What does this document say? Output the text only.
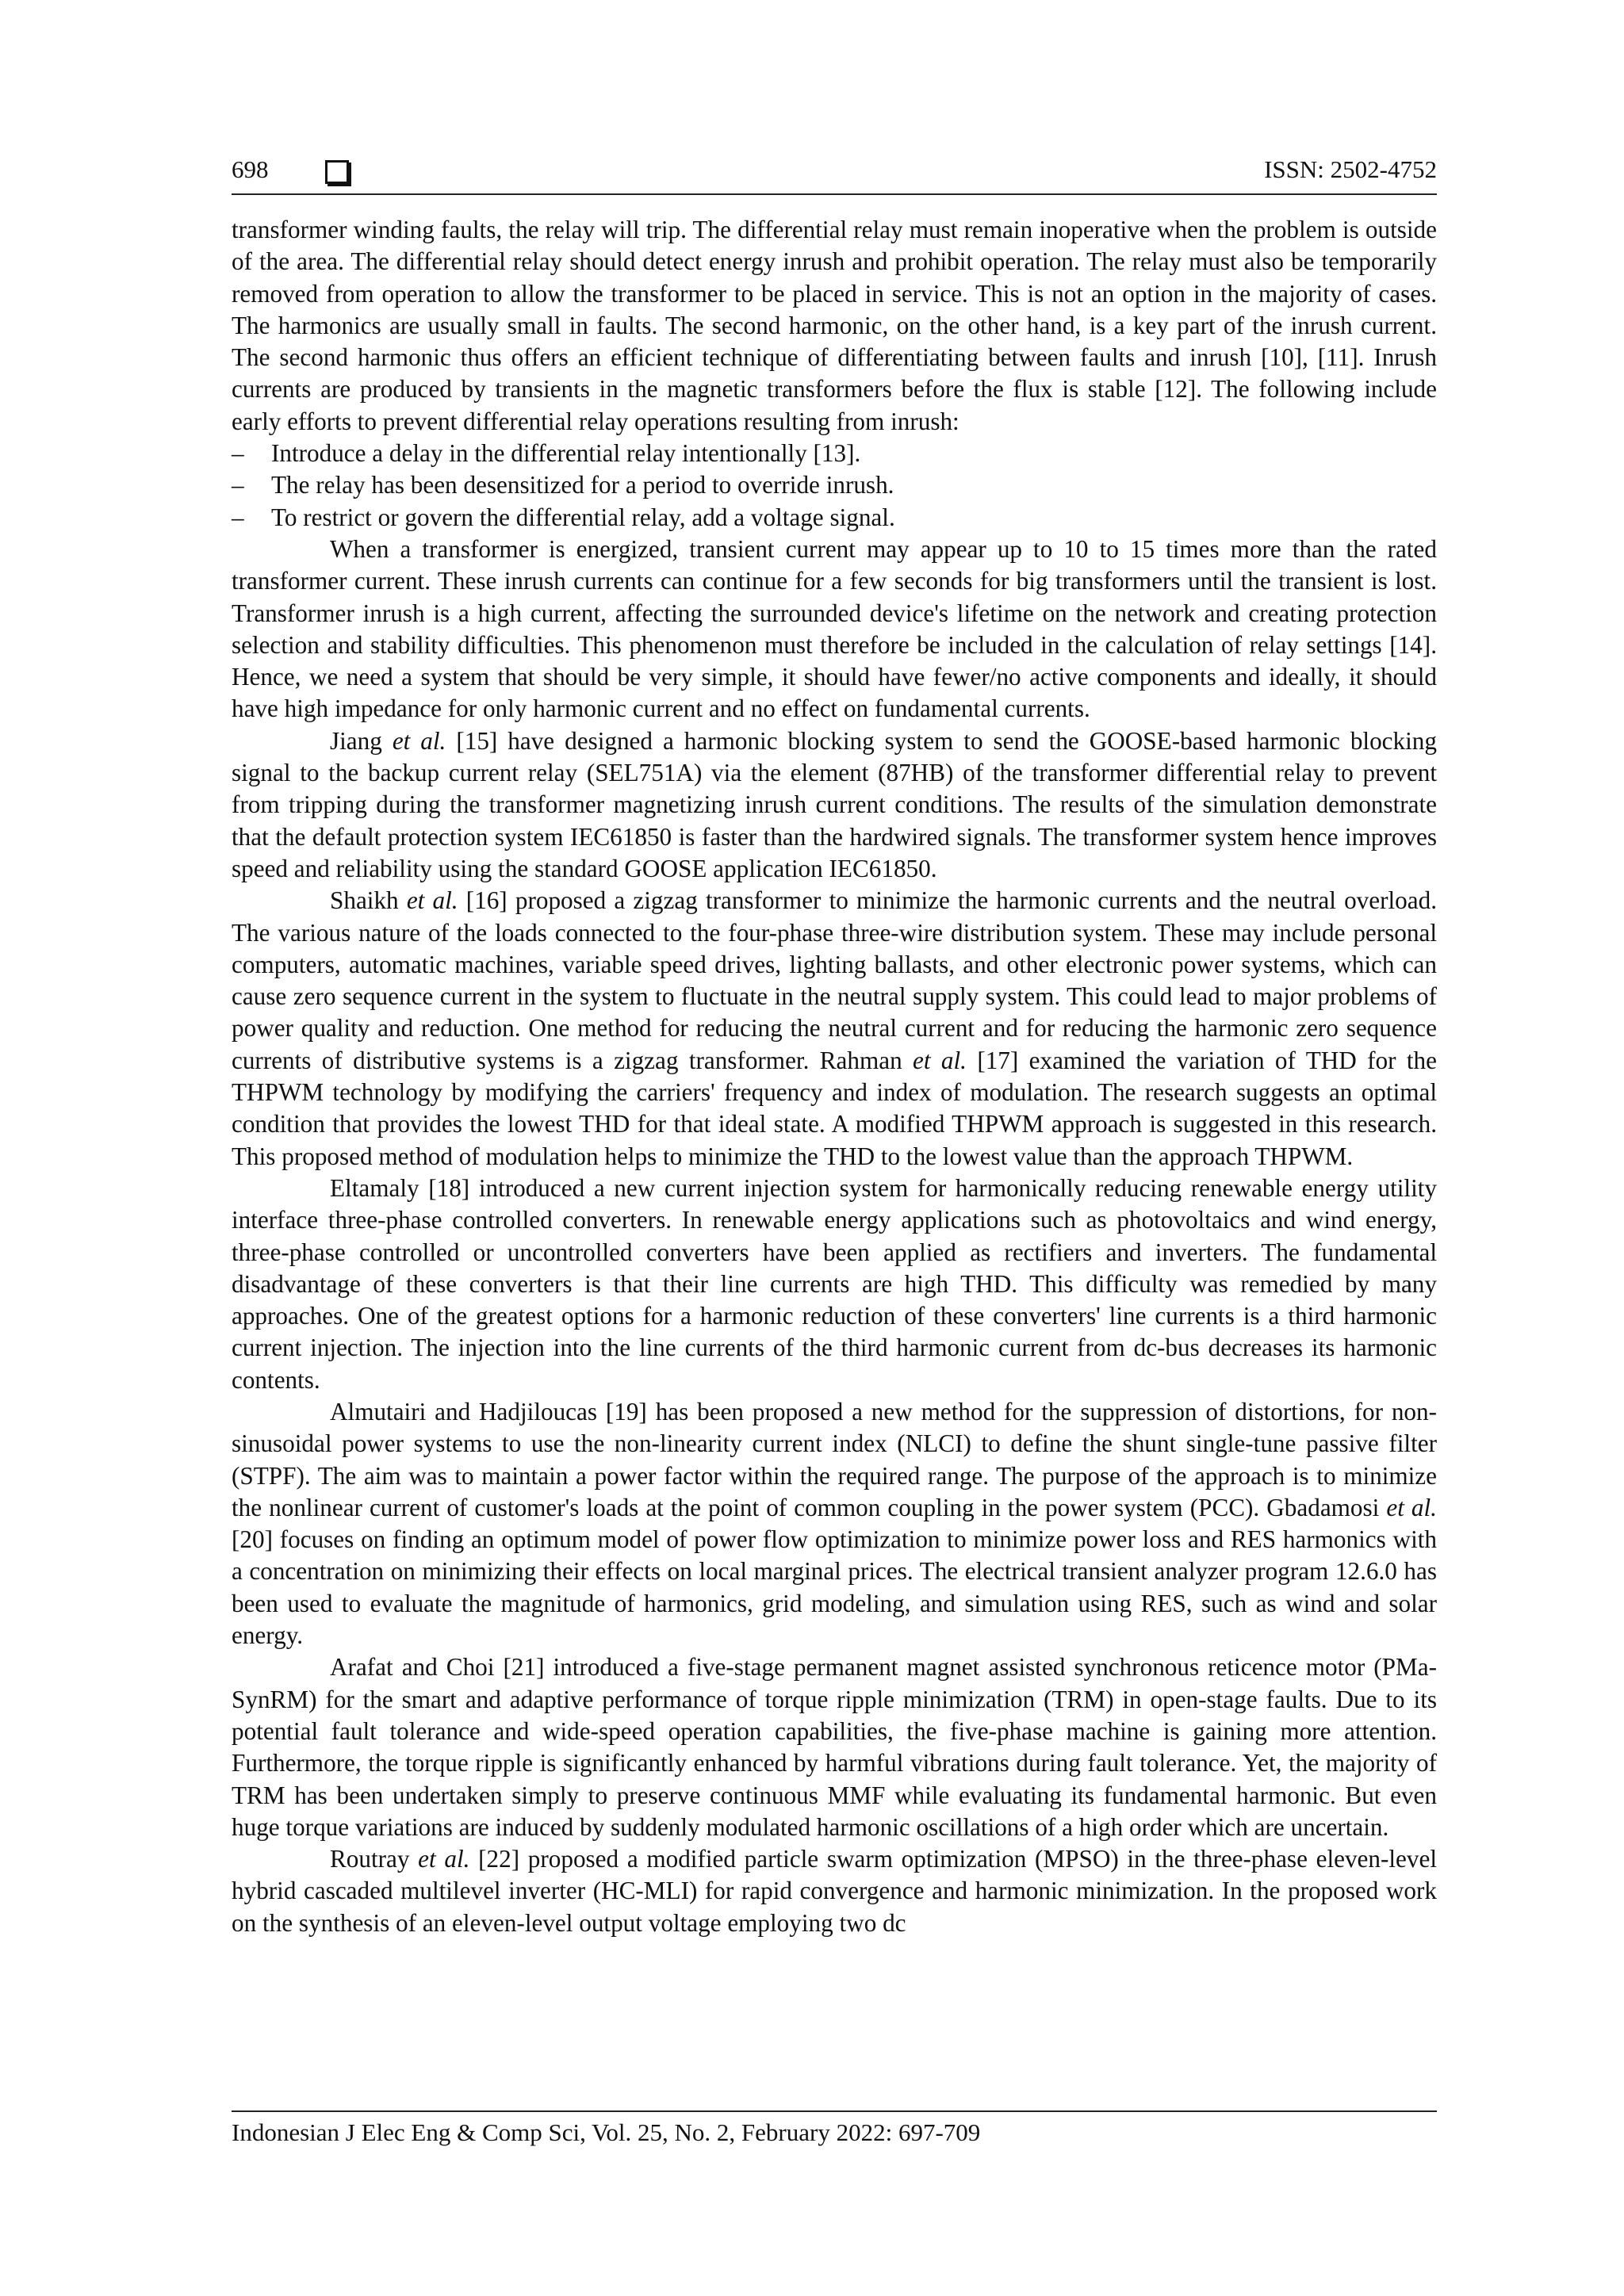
698	ISSN: 2502-4752

transformer winding faults, the relay will trip. The differential relay must remain inoperative when the problem is outside of the area. The differential relay should detect energy inrush and prohibit operation. The relay must also be temporarily removed from operation to allow the transformer to be placed in service. This is not an option in the majority of cases. The harmonics are usually small in faults. The second harmonic, on the other hand, is a key part of the inrush current. The second harmonic thus offers an efficient technique of differentiating between faults and inrush [10], [11]. Inrush currents are produced by transients in the magnetic transformers before the flux is stable [12]. The following include early efforts to prevent differential relay operations resulting from inrush:

– Introduce a delay in the differential relay intentionally [13].
– The relay has been desensitized for a period to override inrush.
– To restrict or govern the differential relay, add a voltage signal.

When a transformer is energized, transient current may appear up to 10 to 15 times more than the rated transformer current. These inrush currents can continue for a few seconds for big transformers until the transient is lost. Transformer inrush is a high current, affecting the surrounded device's lifetime on the network and creating protection selection and stability difficulties. This phenomenon must therefore be included in the calculation of relay settings [14]. Hence, we need a system that should be very simple, it should have fewer/no active components and ideally, it should have high impedance for only harmonic current and no effect on fundamental currents.

Jiang et al. [15] have designed a harmonic blocking system to send the GOOSE-based harmonic blocking signal to the backup current relay (SEL751A) via the element (87HB) of the transformer differential relay to prevent from tripping during the transformer magnetizing inrush current conditions. The results of the simulation demonstrate that the default protection system IEC61850 is faster than the hardwired signals. The transformer system hence improves speed and reliability using the standard GOOSE application IEC61850.

Shaikh et al. [16] proposed a zigzag transformer to minimize the harmonic currents and the neutral overload. The various nature of the loads connected to the four-phase three-wire distribution system. These may include personal computers, automatic machines, variable speed drives, lighting ballasts, and other electronic power systems, which can cause zero sequence current in the system to fluctuate in the neutral supply system. This could lead to major problems of power quality and reduction. One method for reducing the neutral current and for reducing the harmonic zero sequence currents of distributive systems is a zigzag transformer. Rahman et al. [17] examined the variation of THD for the THPWM technology by modifying the carriers' frequency and index of modulation. The research suggests an optimal condition that provides the lowest THD for that ideal state. A modified THPWM approach is suggested in this research. This proposed method of modulation helps to minimize the THD to the lowest value than the approach THPWM.

Eltamaly [18] introduced a new current injection system for harmonically reducing renewable energy utility interface three-phase controlled converters. In renewable energy applications such as photovoltaics and wind energy, three-phase controlled or uncontrolled converters have been applied as rectifiers and inverters. The fundamental disadvantage of these converters is that their line currents are high THD. This difficulty was remedied by many approaches. One of the greatest options for a harmonic reduction of these converters' line currents is a third harmonic current injection. The injection into the line currents of the third harmonic current from dc-bus decreases its harmonic contents.

Almutairi and Hadjiloucas [19] has been proposed a new method for the suppression of distortions, for non-sinusoidal power systems to use the non-linearity current index (NLCI) to define the shunt single-tune passive filter (STPF). The aim was to maintain a power factor within the required range. The purpose of the approach is to minimize the nonlinear current of customer's loads at the point of common coupling in the power system (PCC). Gbadamosi et al. [20] focuses on finding an optimum model of power flow optimization to minimize power loss and RES harmonics with a concentration on minimizing their effects on local marginal prices. The electrical transient analyzer program 12.6.0 has been used to evaluate the magnitude of harmonics, grid modeling, and simulation using RES, such as wind and solar energy.

Arafat and Choi [21] introduced a five-stage permanent magnet assisted synchronous reticence motor (PMa-SynRM) for the smart and adaptive performance of torque ripple minimization (TRM) in open-stage faults. Due to its potential fault tolerance and wide-speed operation capabilities, the five-phase machine is gaining more attention. Furthermore, the torque ripple is significantly enhanced by harmful vibrations during fault tolerance. Yet, the majority of TRM has been undertaken simply to preserve continuous MMF while evaluating its fundamental harmonic. But even huge torque variations are induced by suddenly modulated harmonic oscillations of a high order which are uncertain.

Routray et al. [22] proposed a modified particle swarm optimization (MPSO) in the three-phase eleven-level hybrid cascaded multilevel inverter (HC-MLI) for rapid convergence and harmonic minimization. In the proposed work on the synthesis of an eleven-level output voltage employing two dc

Indonesian J Elec Eng & Comp Sci, Vol. 25, No. 2, February 2022: 697-709
